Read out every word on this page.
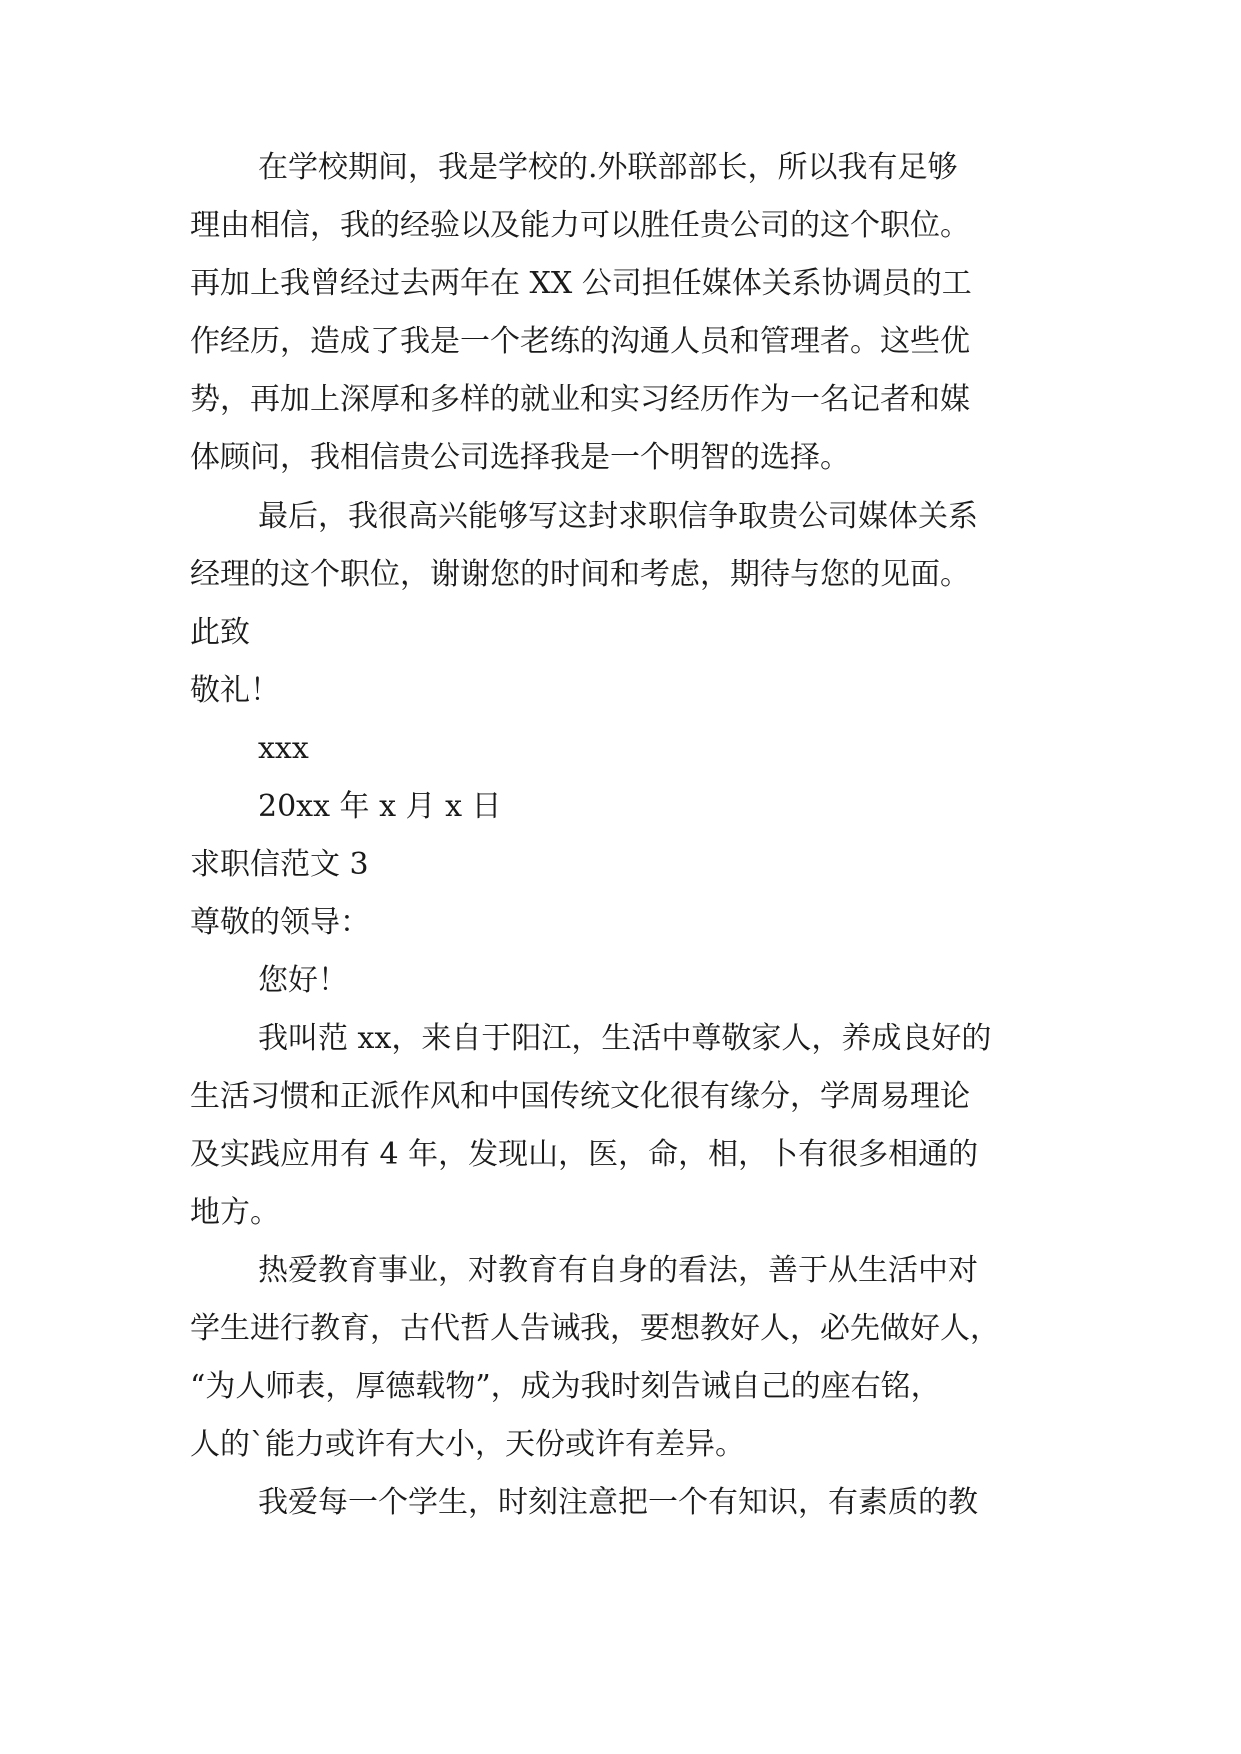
在学校期间，我是学校的.外联部部长，所以我有足够

理由相信，我的经验以及能力可以胜任贵公司的这个职位。

再加上我曾经过去两年在 XX 公司担任媒体关系协调员的工

作经历，造成了我是一个老练的沟通人员和管理者。这些优

势，再加上深厚和多样的就业和实习经历作为一名记者和媒

体顾问，我相信贵公司选择我是一个明智的选择。

最后，我很高兴能够写这封求职信争取贵公司媒体关系

经理的这个职位，谢谢您的时间和考虑，期待与您的见面。

此致

敬礼！

xxx

20xx 年 x 月 x 日

求职信范文 3

尊敬的领导：

您好！

我叫范 xx，来自于阳江，生活中尊敬家人，养成良好的

生活习惯和正派作风和中国传统文化很有缘分，学周易理论

及实践应用有 4 年，发现山，医，命，相，卜有很多相通的

地方。

热爱教育事业，对教育有自身的看法，善于从生活中对

学生进行教育，古代哲人告诫我，要想教好人，必先做好人，

“为人师表，厚德载物”，成为我时刻告诫自己的座右铭，

人的`能力或许有大小，天份或许有差异。

我爱每一个学生，时刻注意把一个有知识，有素质的教
